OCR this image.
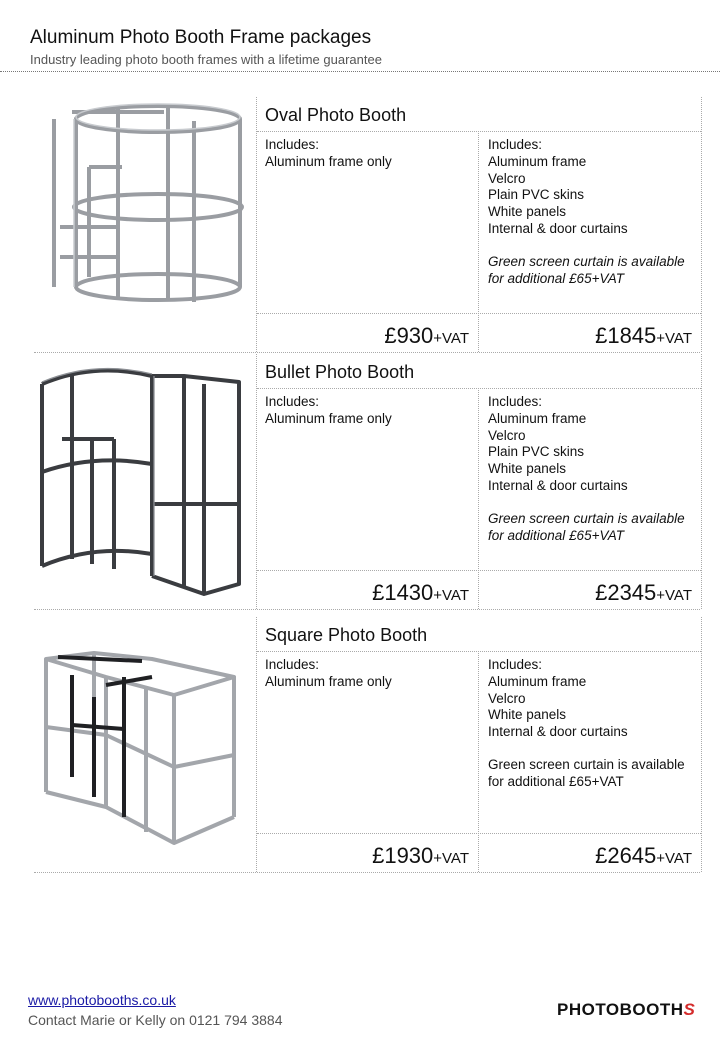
Aluminum Photo Booth Frame packages
Industry leading photo booth frames with a lifetime guarantee
Oval Photo Booth
Includes:
Aluminum frame only
Includes:
Aluminum frame
Velcro
Plain PVC skins
White panels
Internal & door curtains
Green screen curtain is available
for additional £65+VAT
£930+VAT	£1845+VAT
Bullet Photo Booth
Includes:
Aluminum frame only
Includes:
Aluminum frame
Velcro
Plain PVC skins
White panels
Internal & door curtains
Green screen curtain is available
for additional £65+VAT
£1430+VAT	£2345+VAT
Square Photo Booth
Includes:
Aluminum frame only
Includes:
Aluminum frame
Velcro
White panels
Internal & door curtains
Green screen curtain is available
for additional £65+VAT
£1930+VAT	£2645+VAT
www.photobooths.co.uk
Contact Marie or Kelly on 0121 794 3884
PHOTOBOOTHS
